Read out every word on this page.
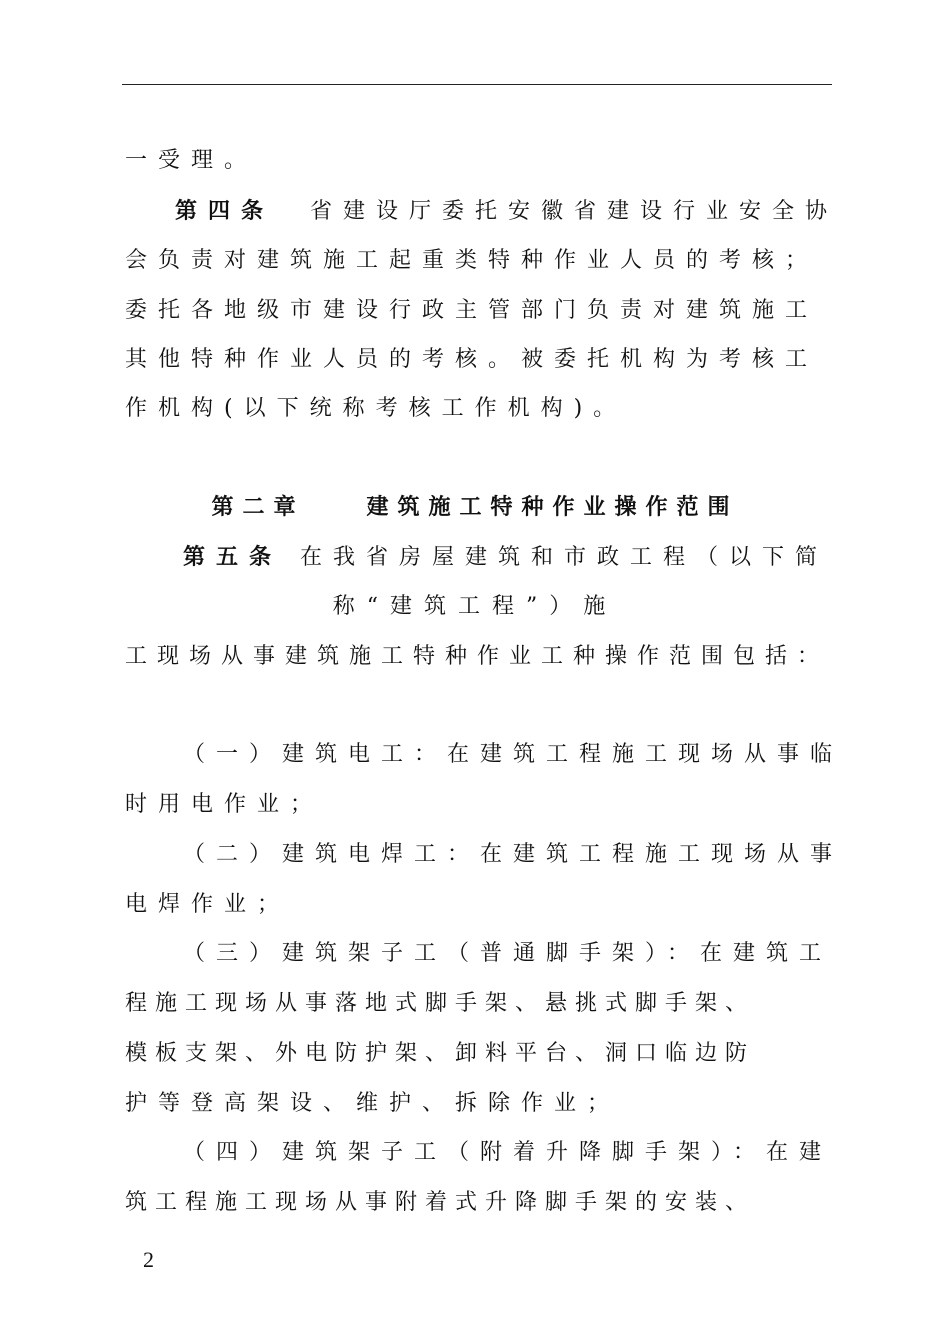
一受理。
第四条 省建设厅委托安徽省建设行业安全协
会负责对建筑施工起重类特种作业人员的考核；
委托各地级市建设行政主管部门负责对建筑施工
其他特种作业人员的考核。被委托机构为考核工
作机构(以下统称考核工作机构)。
第二章　　建筑施工特种作业操作范围
第五条 在我省房屋建筑和市政工程（以下简
称“建筑工程”）施
工现场从事建筑施工特种作业工种操作范围包括：
（一）建筑电工：在建筑工程施工现场从事临
时用电作业；
（二）建筑电焊工：在建筑工程施工现场从事
电焊作业；
（三）建筑架子工（普通脚手架）：在建筑工
程施工现场从事落地式脚手架、悬挑式脚手架、
模板支架、外电防护架、卸料平台、洞口临边防
护等登高架设、维护、拆除作业；
（四）建筑架子工（附着升降脚手架）：在建
筑工程施工现场从事附着式升降脚手架的安装、
2
